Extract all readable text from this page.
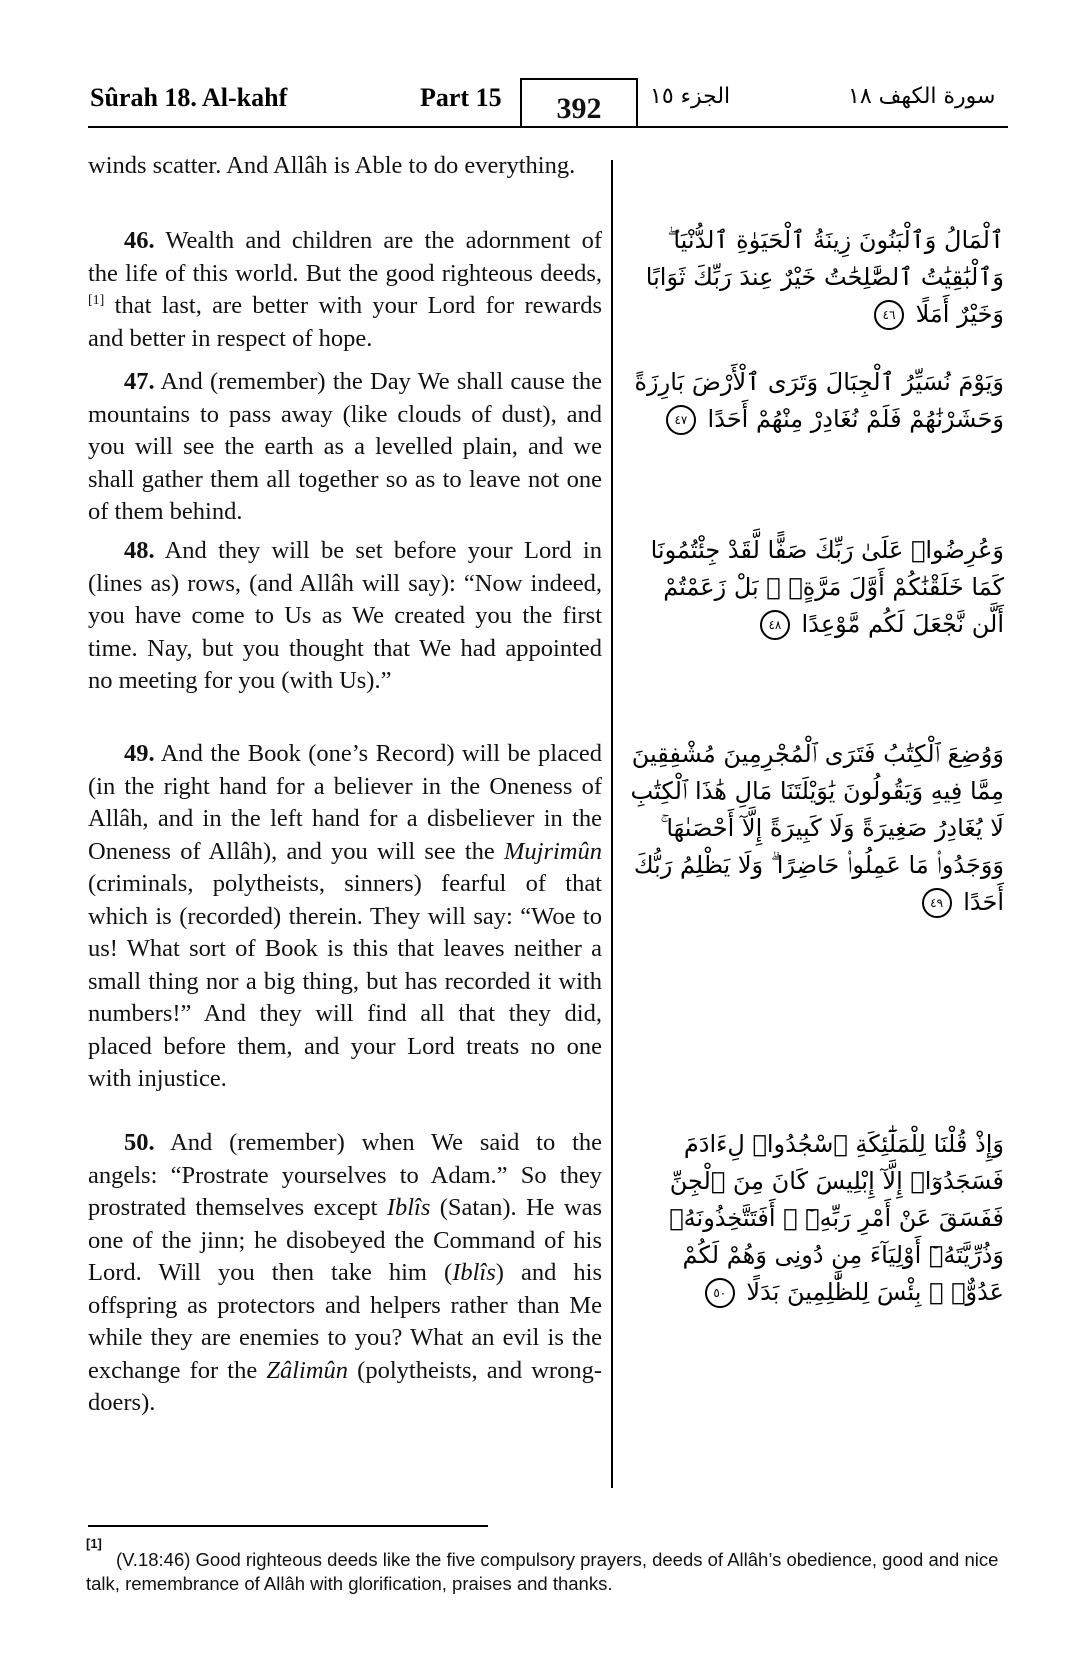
Sûrah 18. Al-kahf	Part 15	392	الجزء ١٥	سورة الكهف ١٨

winds scatter. And Allâh is Able to do everything.

46. Wealth and children are the adornment of the life of this world. But the good righteous deeds, [1] that last, are better with your Lord for rewards and better in respect of hope.

47. And (remember) the Day We shall cause the mountains to pass away (like clouds of dust), and you will see the earth as a levelled plain, and we shall gather them all together so as to leave not one of them behind.

48. And they will be set before your Lord in (lines as) rows, (and Allâh will say): “Now indeed, you have come to Us as We created you the first time. Nay, but you thought that We had appointed no meeting for you (with Us).”

49. And the Book (one’s Record) will be placed (in the right hand for a believer in the Oneness of Allâh, and in the left hand for a disbeliever in the Oneness of Allâh), and you will see the Mujrimûn (criminals, polytheists, sinners) fearful of that which is (recorded) therein. They will say: “Woe to us! What sort of Book is this that leaves neither a small thing nor a big thing, but has recorded it with numbers!” And they will find all that they did, placed before them, and your Lord treats no one with injustice.

50. And (remember) when We said to the angels: “Prostrate yourselves to Adam.” So they prostrated themselves except Iblîs (Satan). He was one of the jinn; he disobeyed the Command of his Lord. Will you then take him (Iblîs) and his offspring as protectors and helpers rather than Me while they are enemies to you? What an evil is the exchange for the Zâlimûn (polytheists, and wrong-doers).

ٱلْمَالُ وَٱلْبَنُونَ زِينَةُ ٱلْحَيَوٰةِ ٱلدُّنْيَا ۖ وَٱلْبَٰقِيَٰتُ ٱلصَّٰلِحَٰتُ خَيْرٌ عِندَ رَبِّكَ ثَوَابًا وَخَيْرٌ أَمَلًا ٤٦

وَيَوْمَ نُسَيِّرُ ٱلْجِبَالَ وَتَرَى ٱلْأَرْضَ بَارِزَةً وَحَشَرْنَٰهُمْ فَلَمْ نُغَادِرْ مِنْهُمْ أَحَدًا ٤٧

وَعُرِضُوا۟ عَلَىٰ رَبِّكَ صَفًّا لَّقَدْ جِئْتُمُونَا كَمَا خَلَقْنَٰكُمْ أَوَّلَ مَرَّةٍۭ ۚ بَلْ زَعَمْتُمْ أَلَّن نَّجْعَلَ لَكُم مَّوْعِدًا ٤٨

وَوُضِعَ ٱلْكِتَٰبُ فَتَرَى ٱلْمُجْرِمِينَ مُشْفِقِينَ مِمَّا فِيهِ وَيَقُولُونَ يَٰوَيْلَتَنَا مَالِ هَٰذَا ٱلْكِتَٰبِ لَا يُغَادِرُ صَغِيرَةً وَلَا كَبِيرَةً إِلَّآ أَحْصَىٰهَا ۚ وَوَجَدُوا۟ مَا عَمِلُوا۟ حَاضِرًا ۗ وَلَا يَظْلِمُ رَبُّكَ أَحَدًا ٤٩

وَإِذْ قُلْنَا لِلْمَلَٰٓئِكَةِ ٱسْجُدُوا۟ لِءَادَمَ فَسَجَدُوٓا۟ إِلَّآ إِبْلِيسَ كَانَ مِنَ ٱلْجِنِّ فَفَسَقَ عَنْ أَمْرِ رَبِّهِۦٓ ۗ أَفَتَتَّخِذُونَهُۥ وَذُرِّيَّتَهُۥٓ أَوْلِيَآءَ مِن دُونِى وَهُمْ لَكُمْ عَدُوٌّۢ ۚ بِئْسَ لِلظَّٰلِمِينَ بَدَلًا ٥٠

[1]
(V.18:46) Good righteous deeds like the five compulsory prayers, deeds of Allâh’s obedience, good and nice talk, remembrance of Allâh with glorification, praises and thanks.
